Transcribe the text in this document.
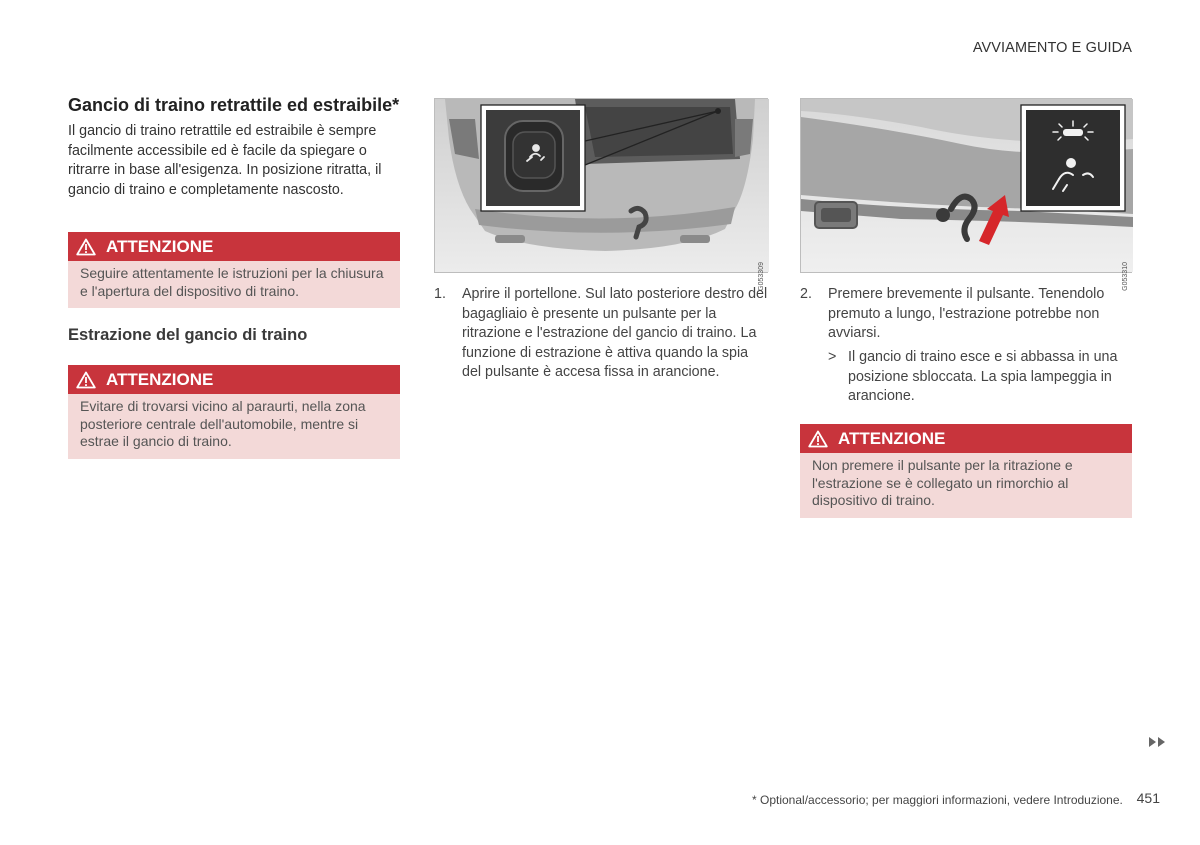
AVVIAMENTO E GUIDA
Gancio di traino retrattile ed estraibile*

Il gancio di traino retrattile ed estraibile è sempre facilmente accessibile ed è facile da spiegare o ritrarre in base all'esigenza. In posizione ritratta, il gancio di traino e completamente nascosto.

ATTENZIONE
Seguire attentamente le istruzioni per la chiusura e l'apertura del dispositivo di traino.
Estrazione del gancio di traino
ATTENZIONE
Evitare di trovarsi vicino al paraurti, nella zona posteriore centrale dell'automobile, mentre si estrae il gancio di traino.
G053309
1. Aprire il portellone. Sul lato posteriore destro del bagagliaio è presente un pulsante per la ritrazione e l'estrazione del gancio di traino. La funzione di estrazione è attiva quando la spia del pulsante è accesa fissa in arancione.
G053310
2. Premere brevemente il pulsante. Tenendolo premuto a lungo, l'estrazione potrebbe non avviarsi.
> Il gancio di traino esce e si abbassa in una posizione sbloccata. La spia lampeggia in arancione.
ATTENZIONE
Non premere il pulsante per la ritrazione e l'estrazione se è collegato un rimorchio al dispositivo di traino.
* Optional/accessorio; per maggiori informazioni, vedere Introduzione. 451
